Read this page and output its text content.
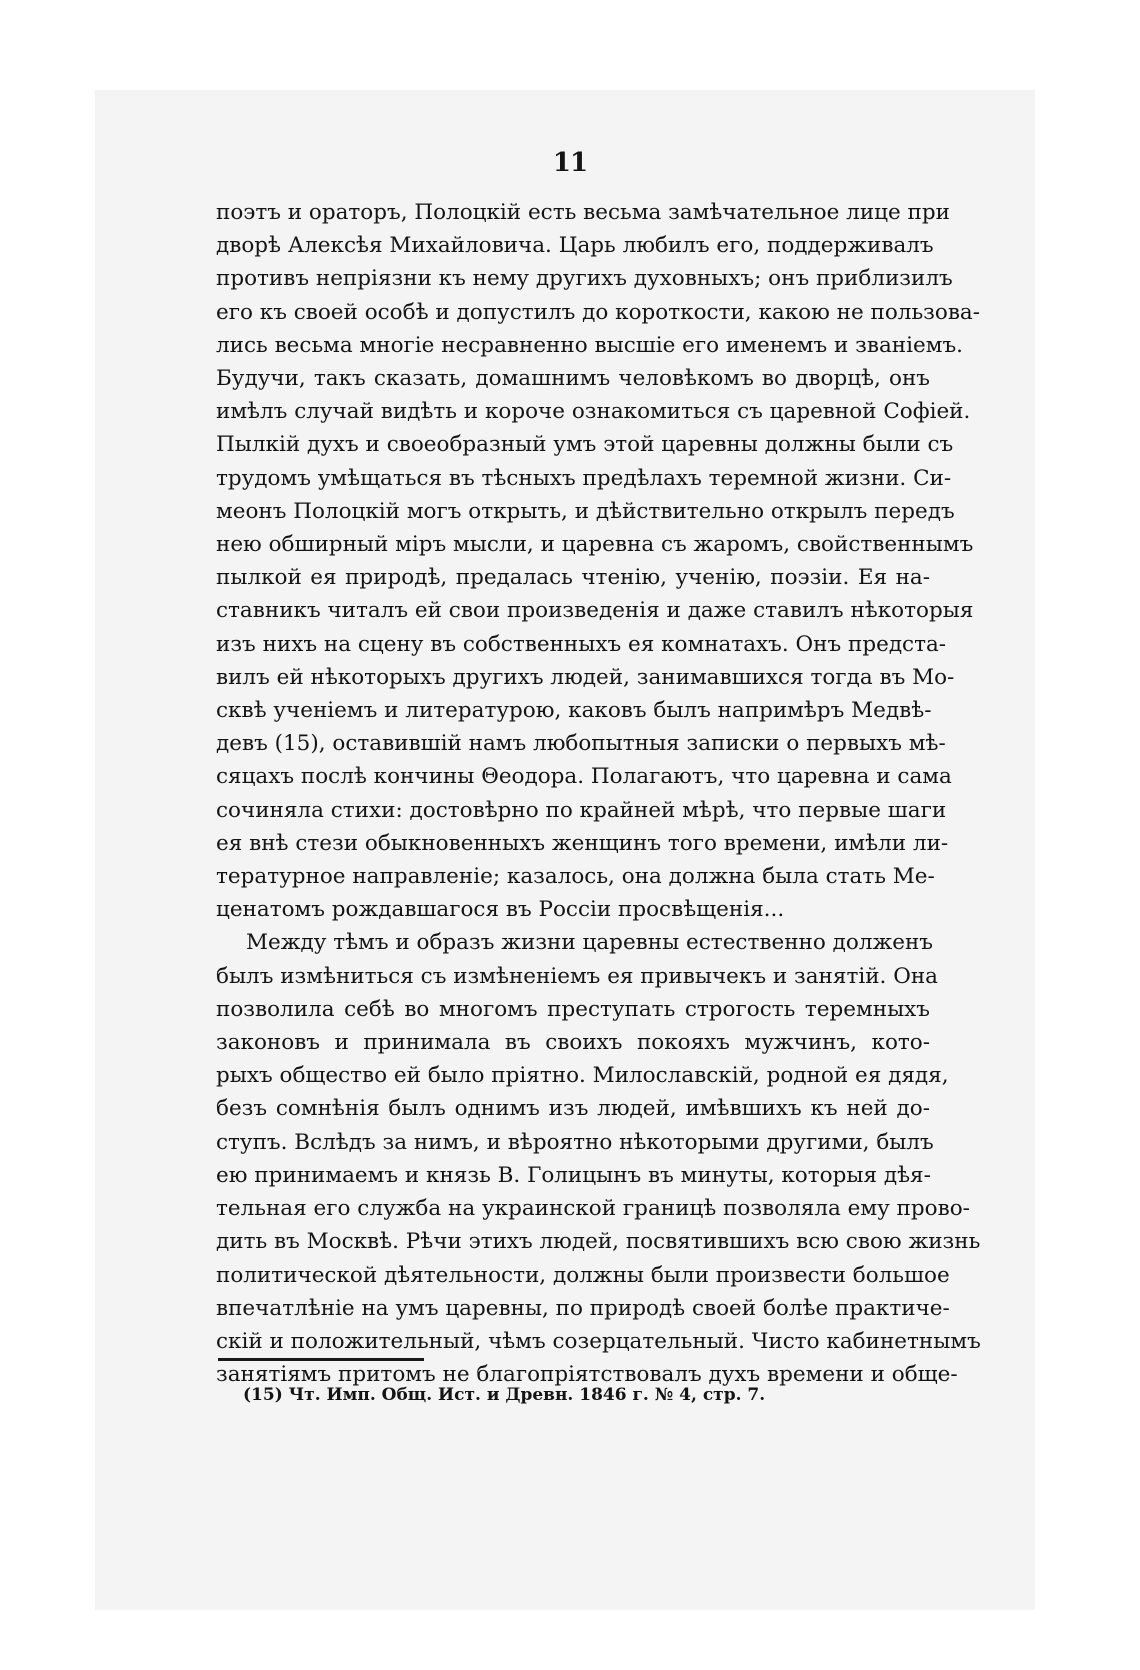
11
поэтъ и ораторъ, Полоцкій есть весьма замѣчательное лице при
дворѣ Алексѣя Михайловича. Царь любилъ его, поддерживалъ
противъ непріязни къ нему другихъ духовныхъ; онъ приблизилъ
его къ своей особѣ и допустилъ до короткости, какою не пользова-
лись весьма многіе несравненно высшіе его именемъ и званіемъ.
Будучи, такъ сказать, домашнимъ человѣкомъ во дворцѣ, онъ
имѣлъ случай видѣть и короче ознакомиться съ царевной Софіей.
Пылкій духъ и своеобразный умъ этой царевны должны были съ
трудомъ умѣщаться въ тѣсныхъ предѣлахъ теремной жизни. Си-
меонъ Полоцкій могъ открыть, и дѣйствительно открылъ передъ
нею обширный міръ мысли, и царевна съ жаромъ, свойственнымъ
пылкой ея природѣ, предалась чтенію, ученію, поэзіи. Ея на-
ставникъ читалъ ей свои произведенія и даже ставилъ нѣкоторыя
изъ нихъ на сцену въ собственныхъ ея комнатахъ. Онъ предста-
вилъ ей нѣкоторыхъ другихъ людей, занимавшихся тогда въ Мо-
сквѣ ученіемъ и литературою, каковъ былъ напримѣръ Медвѣ-
девъ (15), оставившій намъ любопытныя записки о первыхъ мѣ-
сяцахъ послѣ кончины Θеодора. Полагаютъ, что царевна и сама
сочиняла стихи: достовѣрно по крайней мѣрѣ, что первые шаги
ея внѣ стези обыкновенныхъ женщинъ того времени, имѣли ли-
тературное направленіе; казалось, она должна была стать Ме-
ценатомъ рождавшагося въ Россіи просвѣщенія...
Между тѣмъ и образъ жизни царевны естественно долженъ
былъ измѣниться съ измѣненіемъ ея привычекъ и занятій. Она
позволила себѣ во многомъ преступать строгость теремныхъ
законовъ и принимала въ своихъ покояхъ мужчинъ, кото-
рыхъ общество ей было пріятно. Милославскій, родной ея дядя,
безъ сомнѣнія былъ однимъ изъ людей, имѣвшихъ къ ней до-
ступъ. Вслѣдъ за нимъ, и вѣроятно нѣкоторыми другими, былъ
ею принимаемъ и князь В. Голицынъ въ минуты, которыя дѣя-
тельная его служба на украинской границѣ позволяла ему прово-
дить въ Москвѣ. Рѣчи этихъ людей, посвятившихъ всю свою жизнь
политической дѣятельности, должны были произвести большое
впечатлѣніе на умъ царевны, по природѣ своей болѣе практиче-
скій и положительный, чѣмъ созерцательный. Чисто кабинетнымъ
занятіямъ притомъ не благопріятствовалъ духъ времени и обще-
(15) Чт. Имп. Общ. Ист. и Древн. 1846 г. № 4, стр. 7.
